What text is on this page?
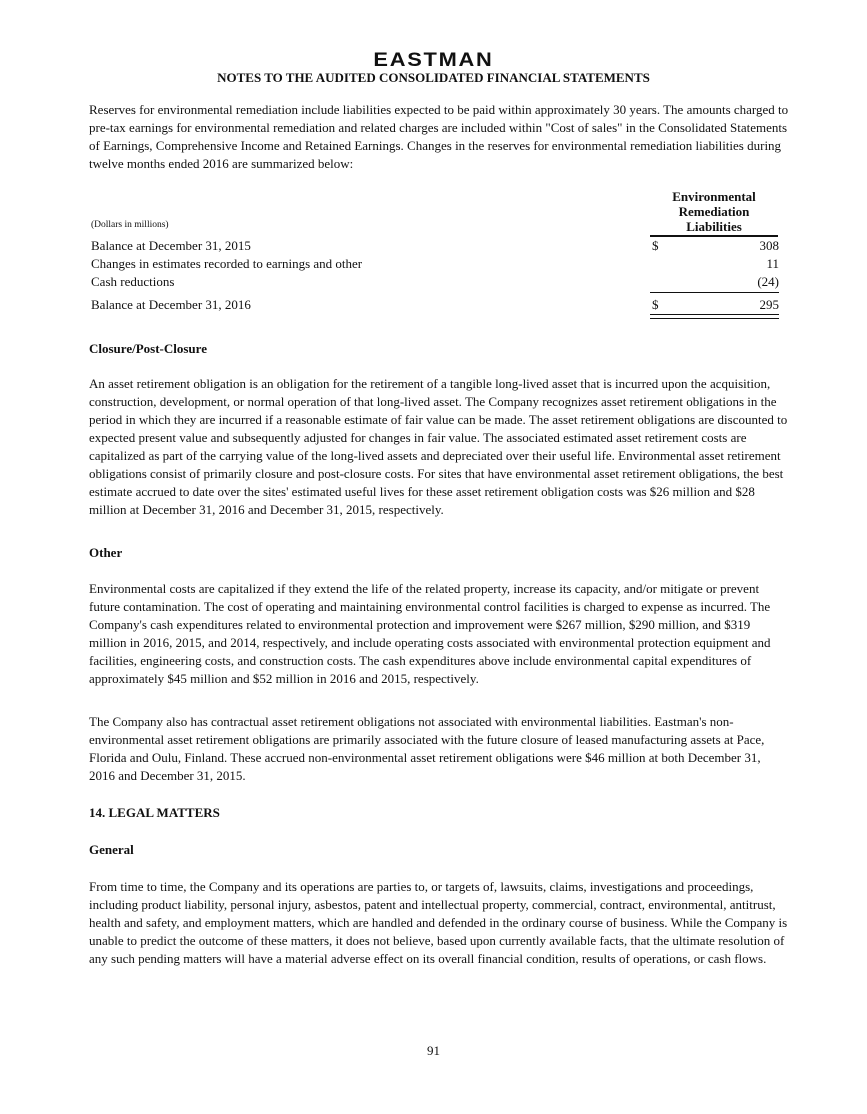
EASTMAN
NOTES TO THE AUDITED CONSOLIDATED FINANCIAL STATEMENTS

Reserves for environmental remediation include liabilities expected to be paid within approximately 30 years. The amounts charged to pre-tax earnings for environmental remediation and related charges are included within "Cost of sales" in the Consolidated Statements of Earnings, Comprehensive Income and Retained Earnings. Changes in the reserves for environmental remediation liabilities during twelve months ended 2016 are summarized below:

Environmental
Remediation
Liabilities
(Dollars in millions)
Balance at December 31, 2015	$	308
Changes in estimates recorded to earnings and other	11
Cash reductions	(24)
Balance at December 31, 2016	$	295
Closure/Post-Closure

An asset retirement obligation is an obligation for the retirement of a tangible long-lived asset that is incurred upon the acquisition, construction, development, or normal operation of that long-lived asset. The Company recognizes asset retirement obligations in the period in which they are incurred if a reasonable estimate of fair value can be made. The asset retirement obligations are discounted to expected present value and subsequently adjusted for changes in fair value. The associated estimated asset retirement costs are capitalized as part of the carrying value of the long-lived assets and depreciated over their useful life. Environmental asset retirement obligations consist of primarily closure and post-closure costs. For sites that have environmental asset retirement obligations, the best estimate accrued to date over the sites' estimated useful lives for these asset retirement obligation costs was $26 million and $28 million at December 31, 2016 and December 31, 2015, respectively.

Other

Environmental costs are capitalized if they extend the life of the related property, increase its capacity, and/or mitigate or prevent future contamination. The cost of operating and maintaining environmental control facilities is charged to expense as incurred. The Company's cash expenditures related to environmental protection and improvement were $267 million, $290 million, and $319 million in 2016, 2015, and 2014, respectively, and include operating costs associated with environmental protection equipment and facilities, engineering costs, and construction costs. The cash expenditures above include environmental capital expenditures of approximately $45 million and $52 million in 2016 and 2015, respectively.

The Company also has contractual asset retirement obligations not associated with environmental liabilities. Eastman's non-environmental asset retirement obligations are primarily associated with the future closure of leased manufacturing assets at Pace, Florida and Oulu, Finland. These accrued non-environmental asset retirement obligations were $46 million at both December 31, 2016 and December 31, 2015.

14. LEGAL MATTERS
General

From time to time, the Company and its operations are parties to, or targets of, lawsuits, claims, investigations and proceedings, including product liability, personal injury, asbestos, patent and intellectual property, commercial, contract, environmental, antitrust, health and safety, and employment matters, which are handled and defended in the ordinary course of business. While the Company is unable to predict the outcome of these matters, it does not believe, based upon currently available facts, that the ultimate resolution of any such pending matters will have a material adverse effect on its overall financial condition, results of operations, or cash flows.

91
